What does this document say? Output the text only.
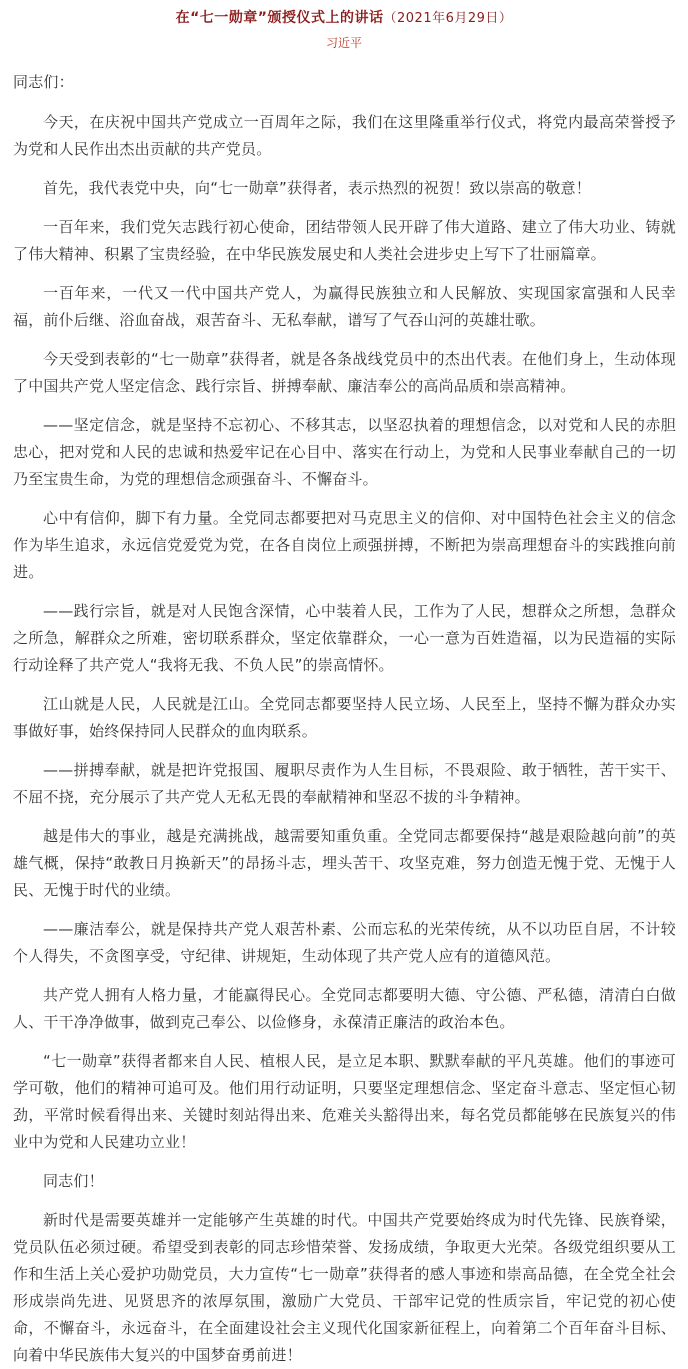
在“七一勋章”颁授仪式上的讲话（2021年6月29日）
习近平

同志们：

今天，在庆祝中国共产党成立一百周年之际，我们在这里隆重举行仪式，将党内最高荣誉授予为党和人民作出杰出贡献的共产党员。

首先，我代表党中央，向“七一勋章”获得者，表示热烈的祝贺！致以崇高的敬意！

一百年来，我们党矢志践行初心使命，团结带领人民开辟了伟大道路、建立了伟大功业、铸就了伟大精神、积累了宝贵经验，在中华民族发展史和人类社会进步史上写下了壮丽篇章。

一百年来，一代又一代中国共产党人，为赢得民族独立和人民解放、实现国家富强和人民幸福，前仆后继、浴血奋战，艰苦奋斗、无私奉献，谱写了气吞山河的英雄壮歌。

今天受到表彰的“七一勋章”获得者，就是各条战线党员中的杰出代表。在他们身上，生动体现了中国共产党人坚定信念、践行宗旨、拼搏奉献、廉洁奉公的高尚品质和崇高精神。

——坚定信念，就是坚持不忘初心、不移其志，以坚忍执着的理想信念，以对党和人民的赤胆忠心，把对党和人民的忠诚和热爱牢记在心目中、落实在行动上，为党和人民事业奉献自己的一切乃至宝贵生命，为党的理想信念顽强奋斗、不懈奋斗。

心中有信仰，脚下有力量。全党同志都要把对马克思主义的信仰、对中国特色社会主义的信念作为毕生追求，永远信党爱党为党，在各自岗位上顽强拼搏，不断把为崇高理想奋斗的实践推向前进。

——践行宗旨，就是对人民饱含深情，心中装着人民，工作为了人民，想群众之所想，急群众之所急，解群众之所难，密切联系群众，坚定依靠群众，一心一意为百姓造福，以为民造福的实际行动诠释了共产党人“我将无我、不负人民”的崇高情怀。

江山就是人民，人民就是江山。全党同志都要坚持人民立场、人民至上，坚持不懈为群众办实事做好事，始终保持同人民群众的血肉联系。

——拼搏奉献，就是把许党报国、履职尽责作为人生目标，不畏艰险、敢于牺牲，苦干实干、不屈不挠，充分展示了共产党人无私无畏的奉献精神和坚忍不拔的斗争精神。

越是伟大的事业，越是充满挑战，越需要知重负重。全党同志都要保持“越是艰险越向前”的英雄气概，保持“敢教日月换新天”的昂扬斗志，埋头苦干、攻坚克难，努力创造无愧于党、无愧于人民、无愧于时代的业绩。

——廉洁奉公，就是保持共产党人艰苦朴素、公而忘私的光荣传统，从不以功臣自居，不计较个人得失，不贪图享受，守纪律、讲规矩，生动体现了共产党人应有的道德风范。

共产党人拥有人格力量，才能赢得民心。全党同志都要明大德、守公德、严私德，清清白白做人、干干净净做事，做到克己奉公、以俭修身，永葆清正廉洁的政治本色。

“七一勋章”获得者都来自人民、植根人民，是立足本职、默默奉献的平凡英雄。他们的事迹可学可敬，他们的精神可追可及。他们用行动证明，只要坚定理想信念、坚定奋斗意志、坚定恒心韧劲，平常时候看得出来、关键时刻站得出来、危难关头豁得出来，每名党员都能够在民族复兴的伟业中为党和人民建功立业！

同志们！

新时代是需要英雄并一定能够产生英雄的时代。中国共产党要始终成为时代先锋、民族脊梁，党员队伍必须过硬。希望受到表彰的同志珍惜荣誉、发扬成绩，争取更大光荣。各级党组织要从工作和生活上关心爱护功勋党员，大力宣传“七一勋章”获得者的感人事迹和崇高品德，在全党全社会形成崇尚先进、见贤思齐的浓厚氛围，激励广大党员、干部牢记党的性质宗旨，牢记党的初心使命，不懈奋斗，永远奋斗，在全面建设社会主义现代化国家新征程上，向着第二个百年奋斗目标、向着中华民族伟大复兴的中国梦奋勇前进！
